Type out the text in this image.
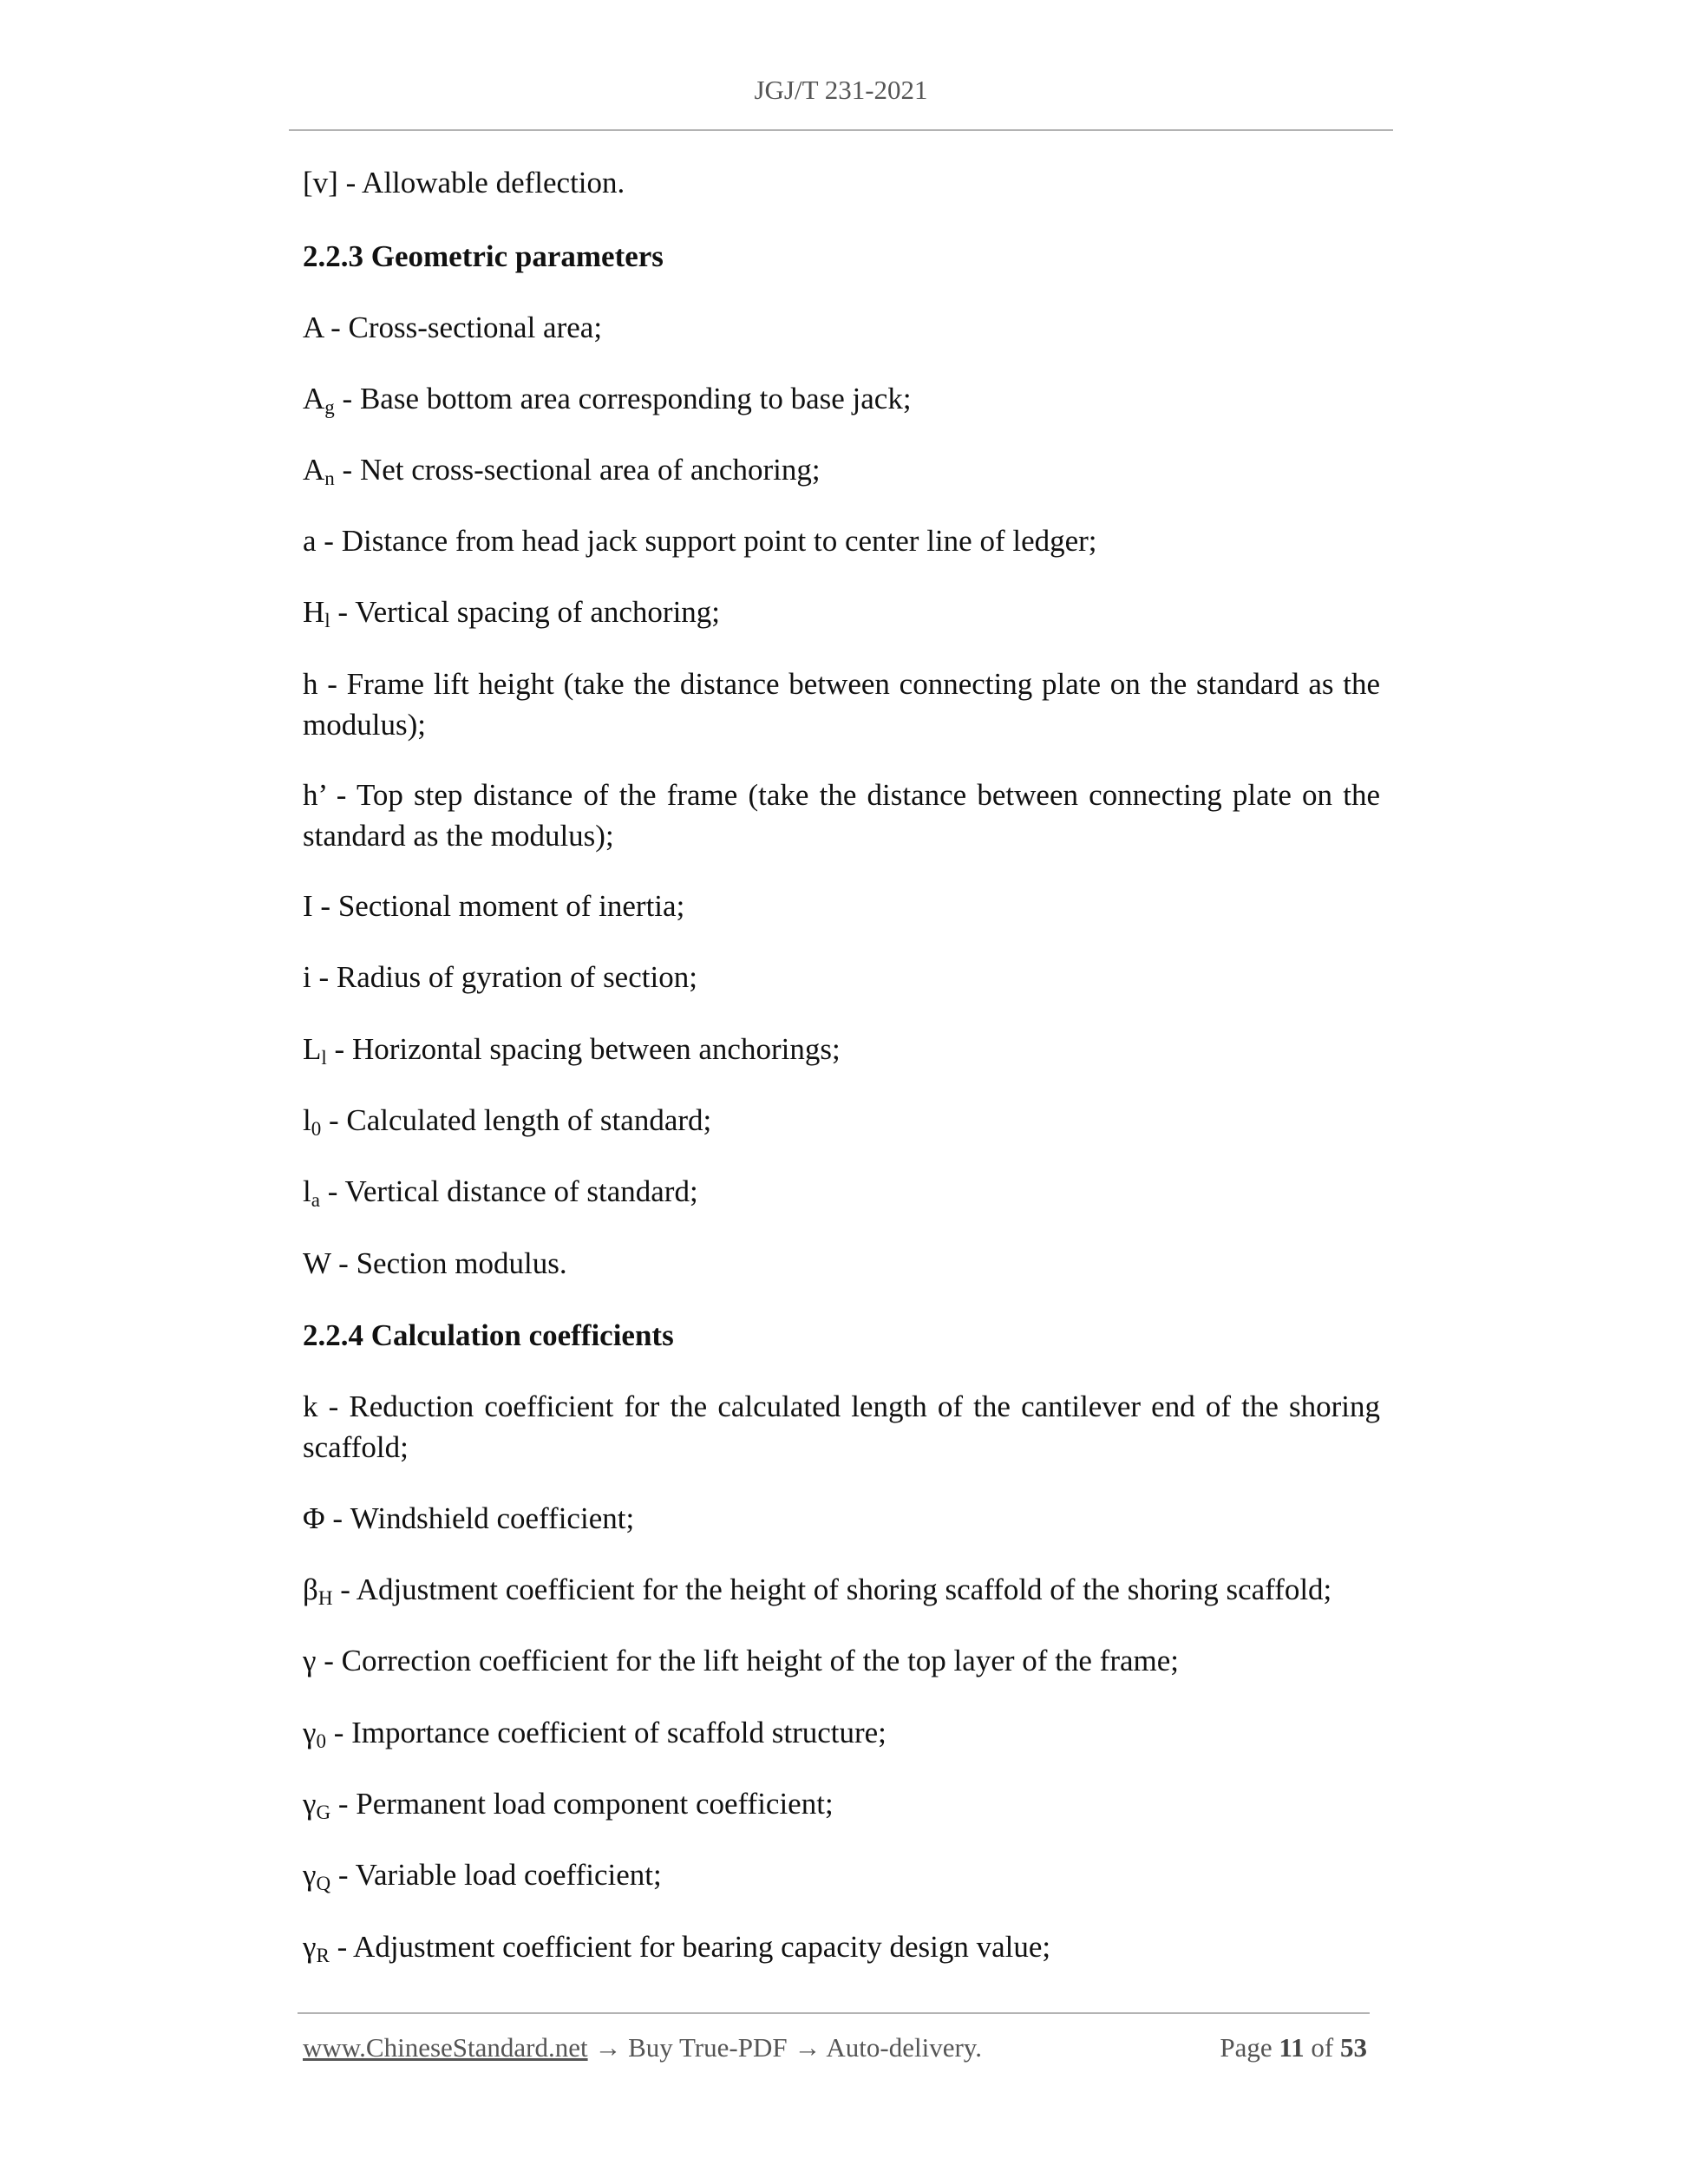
JGJ/T 231-2021
[v] - Allowable deflection.
2.2.3 Geometric parameters
A - Cross-sectional area;
Ag - Base bottom area corresponding to base jack;
An - Net cross-sectional area of anchoring;
a - Distance from head jack support point to center line of ledger;
Hl - Vertical spacing of anchoring;
h - Frame lift height (take the distance between connecting plate on the standard as the modulus);
h’ - Top step distance of the frame (take the distance between connecting plate on the standard as the modulus);
I - Sectional moment of inertia;
i - Radius of gyration of section;
Ll - Horizontal spacing between anchorings;
l0 - Calculated length of standard;
la - Vertical distance of standard;
W - Section modulus.
2.2.4 Calculation coefficients
k - Reduction coefficient for the calculated length of the cantilever end of the shoring scaffold;
Φ - Windshield coefficient;
βH - Adjustment coefficient for the height of shoring scaffold of the shoring scaffold;
γ - Correction coefficient for the lift height of the top layer of the frame;
γ0 - Importance coefficient of scaffold structure;
γG - Permanent load component coefficient;
γQ - Variable load coefficient;
γR - Adjustment coefficient for bearing capacity design value;
www.ChineseStandard.net → Buy True-PDF → Auto-delivery.	Page 11 of 53
